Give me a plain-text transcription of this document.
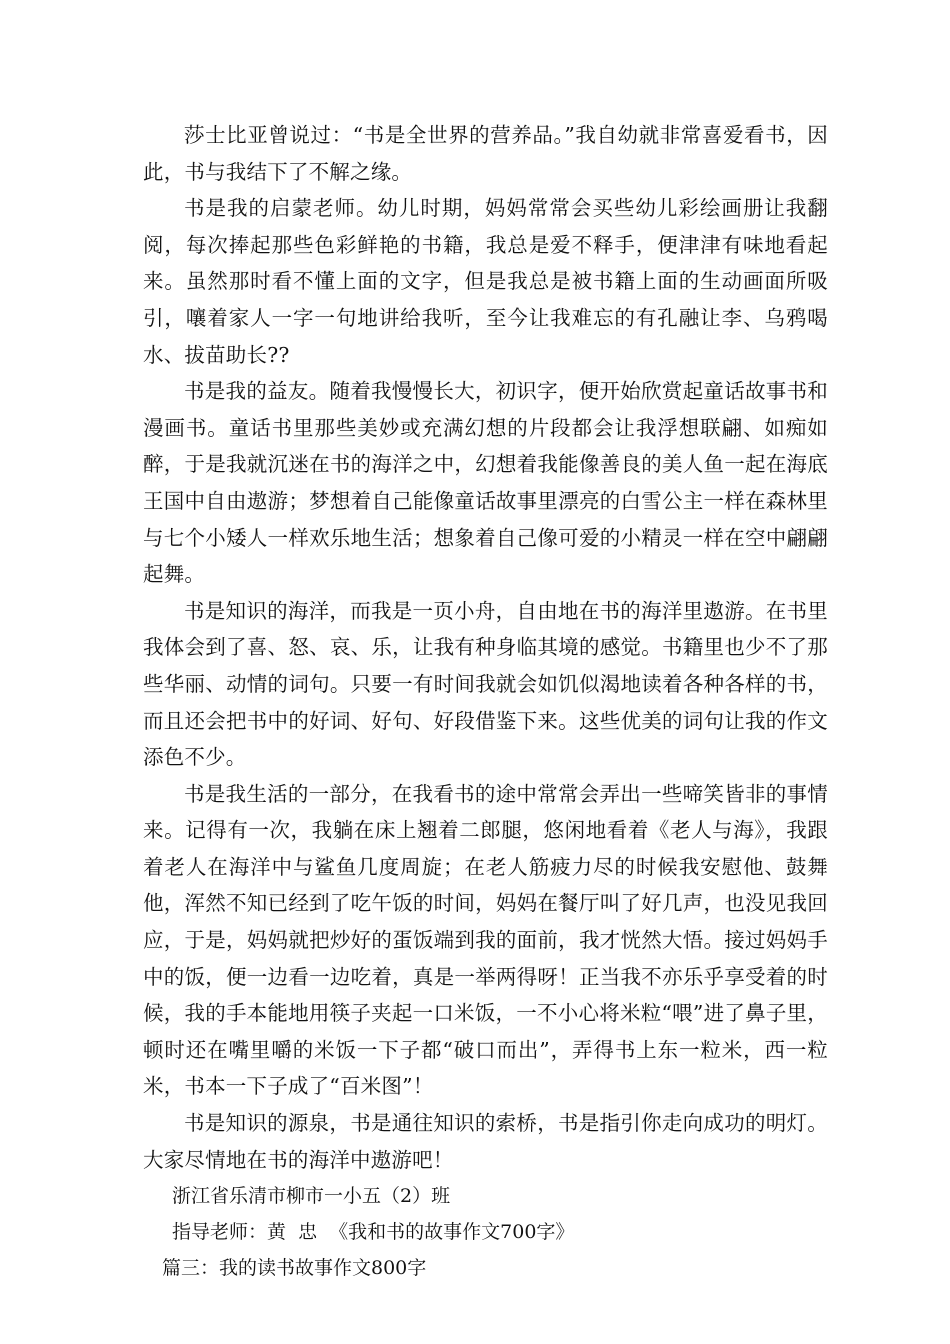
莎士比亚曾说过：“书是全世界的营养品。”我自幼就非常喜爱看书，因此，书与我结下了不解之缘。

书是我的启蒙老师。幼儿时期，妈妈常常会买些幼儿彩绘画册让我翻阅，每次捧起那些色彩鲜艳的书籍，我总是爱不释手，便津津有味地看起来。虽然那时看不懂上面的文字，但是我总是被书籍上面的生动画面所吸引，嚷着家人一字一句地讲给我听，至今让我难忘的有孔融让李、乌鸦喝水、拔苗助长??

书是我的益友。随着我慢慢长大，初识字，便开始欣赏起童话故事书和漫画书。童话书里那些美妙或充满幻想的片段都会让我浮想联翩、如痴如醉，于是我就沉迷在书的海洋之中，幻想着我能像善良的美人鱼一起在海底王国中自由遨游；梦想着自己能像童话故事里漂亮的白雪公主一样在森林里与七个小矮人一样欢乐地生活；想象着自己像可爱的小精灵一样在空中翩翩起舞。

书是知识的海洋，而我是一页小舟，自由地在书的海洋里遨游。在书里我体会到了喜、怒、哀、乐，让我有种身临其境的感觉。书籍里也少不了那些华丽、动情的词句。只要一有时间我就会如饥似渴地读着各种各样的书，而且还会把书中的好词、好句、好段借鉴下来。这些优美的词句让我的作文添色不少。

书是我生活的一部分，在我看书的途中常常会弄出一些啼笑皆非的事情来。记得有一次，我躺在床上翘着二郎腿，悠闲地看着《老人与海》，我跟着老人在海洋中与鲨鱼几度周旋；在老人筋疲力尽的时候我安慰他、鼓舞他，浑然不知已经到了吃午饭的时间，妈妈在餐厅叫了好几声，也没见我回应，于是，妈妈就把炒好的蛋饭端到我的面前，我才恍然大悟。接过妈妈手中的饭，便一边看一边吃着，真是一举两得呀！正当我不亦乐乎享受着的时候，我的手本能地用筷子夹起一口米饭，一不小心将米粒“喂”进了鼻子里，顿时还在嘴里嚼的米饭一下子都“破口而出”，弄得书上东一粒米，西一粒米，书本一下子成了“百米图”！

书是知识的源泉，书是通往知识的索桥，书是指引你走向成功的明灯。大家尽情地在书的海洋中遨游吧！

浙江省乐清市柳市一小五（2）班

指导老师：黄  忠  《我和书的故事作文700字》

篇三：我的读书故事作文800字
